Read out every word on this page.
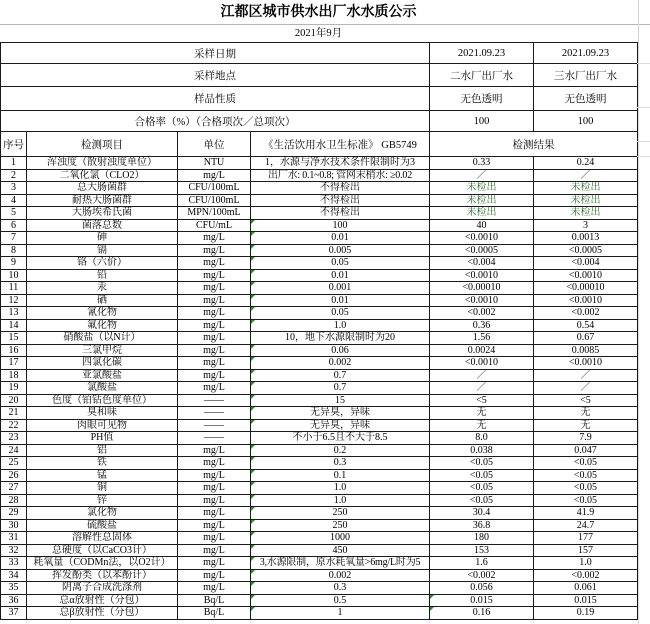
江都区城市供水出厂水水质公示
2021年9月
采样日期				2021.09.23	2021.09.23
采样地点				二水厂出厂水	三水厂出厂水
样品性质				无色透明	无色透明
合格率（%）（合格项次／总项次）				100	100
序号	检测项目	单位	《生活饮用水卫生标准》 GB5749	检测结果	
1	浑浊度（散射浊度单位）	NTU	1，水源与净水技术条件限制时为3	0.33	0.24
2	二氧化氯（CLO2）	mg/L	出厂水: 0.1~0.8; 管网末梢水: ≥0.02	／	／
3	总大肠菌群	CFU/100mL	不得检出	未检出	未检出
4	耐热大肠菌群	CFU/100mL	不得检出	未检出	未检出
5	大肠埃希氏菌	MPN/100mL	不得检出	未检出	未检出
6	菌落总数	CFU/mL	100	40	3
7	砷	mg/L	0.01	<0.0010	0.0013
8	镉	mg/L	0.005	<0.0005	<0.0005
9	铬（六价）	mg/L	0.05	<0.004	<0.004
10	铅	mg/L	0.01	<0.0010	<0.0010
11	汞	mg/L	0.001	<0.00010	<0.00010
12	硒	mg/L	0.01	<0.0010	<0.0010
13	氰化物	mg/L	0.05	<0.002	<0.002
14	氟化物	mg/L	1.0	0.36	0.54
15	硝酸盐（以N计）	mg/L	10，地下水源限制时为20	1.56	0.67
16	三氯甲烷	mg/L	0.06	0.0024	0.0085
17	四氯化碳	mg/L	0.002	<0.0010	<0.0010
18	亚氯酸盐	mg/L	0.7	／	／
19	氯酸盐	mg/L	0.7	／	／
20	色度（铂钴色度单位）	——	15	<5	<5
21	臭和味	——	无异臭，异味	无	无
22	肉眼可见物	——	无异臭，异味	无	无
23	PH值	——	不小于6.5且不大于8.5	8.0	7.9
24	铝	mg/L	0.2	0.038	0.047
25	铁	mg/L	0.3	<0.05	<0.05
26	锰	mg/L	0.1	<0.05	<0.05
27	铜	mg/L	1.0	<0.05	<0.05
28	锌	mg/L	1.0	<0.05	<0.05
29	氯化物	mg/L	250	30.4	41.9
30	硫酸盐	mg/L	250	36.8	24.7
31	溶解性总固体	mg/L	1000	180	177
32	总硬度（以CaCO3计）	mg/L	450	153	157
33	耗氧量（CODMn法，以O2计）	mg/L	3,水源限制，原水耗氧量>6mg/L时为5	1.6	1.0
34	挥发酚类（以苯酚计）	mg/L	0.002	<0.002	<0.002
35	阴离子合成洗涤剂	mg/L	0.3	0.056	0.061
36	总α放射性（分包）	Bq/L	0.5	0.015	0.015
37	总β放射性（分包）	Bq/L	1	0.16	0.19
